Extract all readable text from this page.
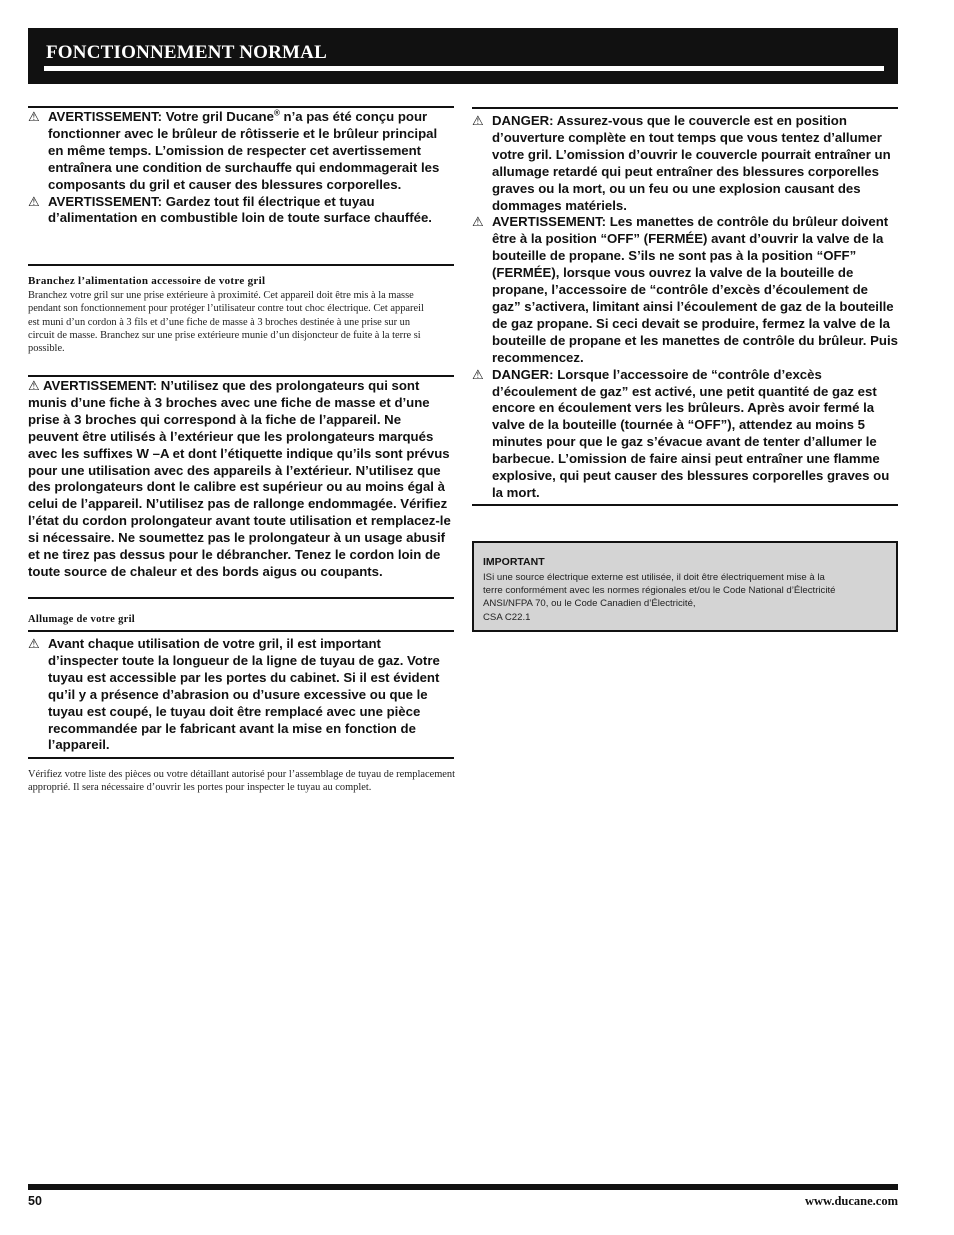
FONCTIONNEMENT NORMAL
⚠ AVERTISSEMENT: Votre gril Ducane® n’a pas été conçu pour fonctionner avec le brûleur de rôtisserie et le brûleur principal en même temps. L’omission de respecter cet avertissement entraînera une condition de surchauffe qui endommagerait les composants du gril et causer des blessures corporelles.
⚠ AVERTISSEMENT: Gardez tout fil électrique et tuyau d’alimentation en combustible loin de toute surface chauffée.
Branchez l’alimentation accessoire de votre gril
Branchez votre gril sur une prise extérieure à proximité. Cet appareil doit être mis à la masse pendant son fonctionnement pour protéger l’utilisateur contre tout choc électrique. Cet appareil est muni d’un cordon à 3 fils et d’une fiche de masse à 3 broches destinée à une prise sur un circuit de masse. Branchez sur une prise extérieure munie d’un disjoncteur de fuite à la terre si possible.
⚠ AVERTISSEMENT: N’utilisez que des prolongateurs qui sont munis d’une fiche à 3 broches avec une fiche de masse et d’une prise à 3 broches qui correspond à la fiche de l’appareil. Ne peuvent être utilisés à l’extérieur que les prolongateurs marqués avec les suffixes W –A et dont l’étiquette indique qu’ils sont prévus pour une utilisation avec des appareils à l’extérieur. N’utilisez que des prolongateurs dont le calibre est supérieur ou au moins égal à celui de l’appareil. N’utilisez pas de rallonge endommagée. Vérifiez l’état du cordon prolongateur avant toute utilisation et remplacez-le si nécessaire. Ne soumettez pas le prolongateur à un usage abusif et ne tirez pas dessus pour le débrancher. Tenez le cordon loin de toute source de chaleur et des bords aigus ou coupants.
Allumage de votre gril
⚠ Avant chaque utilisation de votre gril, il est important d’inspecter toute la longueur de la ligne de tuyau de gaz. Votre tuyau est accessible par les portes du cabinet. Si il est évident qu’il y a présence d’abrasion ou d’usure excessive ou que le tuyau est coupé, le tuyau doit être remplacé avec une pièce recommandée par le fabricant avant la mise en fonction de l’appareil.
Vérifiez votre liste des pièces ou votre détaillant autorisé pour l’assemblage de tuyau de remplacement approprié. Il sera nécessaire d’ouvrir les portes pour inspecter le tuyau au complet.
⚠ DANGER: Assurez-vous que le couvercle est en position d’ouverture complète en tout temps que vous tentez d’allumer votre gril. L’omission d’ouvrir le couvercle pourrait entraîner un allumage retardé qui peut entraîner des blessures corporelles graves ou la mort, ou un feu ou une explosion causant des dommages matériels.
⚠ AVERTISSEMENT: Les manettes de contrôle du brûleur doivent être à la position “OFF” (FERMÉE) avant d’ouvrir la valve de la bouteille de propane. S’ils ne sont pas à la position “OFF” (FERMÉE), lorsque vous ouvrez la valve de la bouteille de propane, l’accessoire de “contrôle d’excès d’écoulement de gaz” s’activera, limitant ainsi l’écoulement de gaz de la bouteille de gaz propane. Si ceci devait se produire, fermez la valve de la bouteille de propane et les manettes de contrôle du brûleur. Puis recommencez.
⚠ DANGER: Lorsque l’accessoire de “contrôle d’excès d’écoulement de gaz” est activé, une petit quantité de gaz est encore en écoulement vers les brûleurs. Après avoir fermé la valve de la bouteille (tournée à “OFF”), attendez au moins 5 minutes pour que le gaz s’évacue avant de tenter d’allumer le barbecue. L’omission de faire ainsi peut entraîner une flamme explosive, qui peut causer des blessures corporelles graves ou la mort.
IMPORTANT
ISi une source électrique externe est utilisée, il doit être électriquement mise à la
terre conformément avec les normes régionales et/ou le Code National d’Électricité
ANSI/NFPA 70, ou le Code Canadien d’Électricité,
CSA C22.1
50	www.ducane.com
